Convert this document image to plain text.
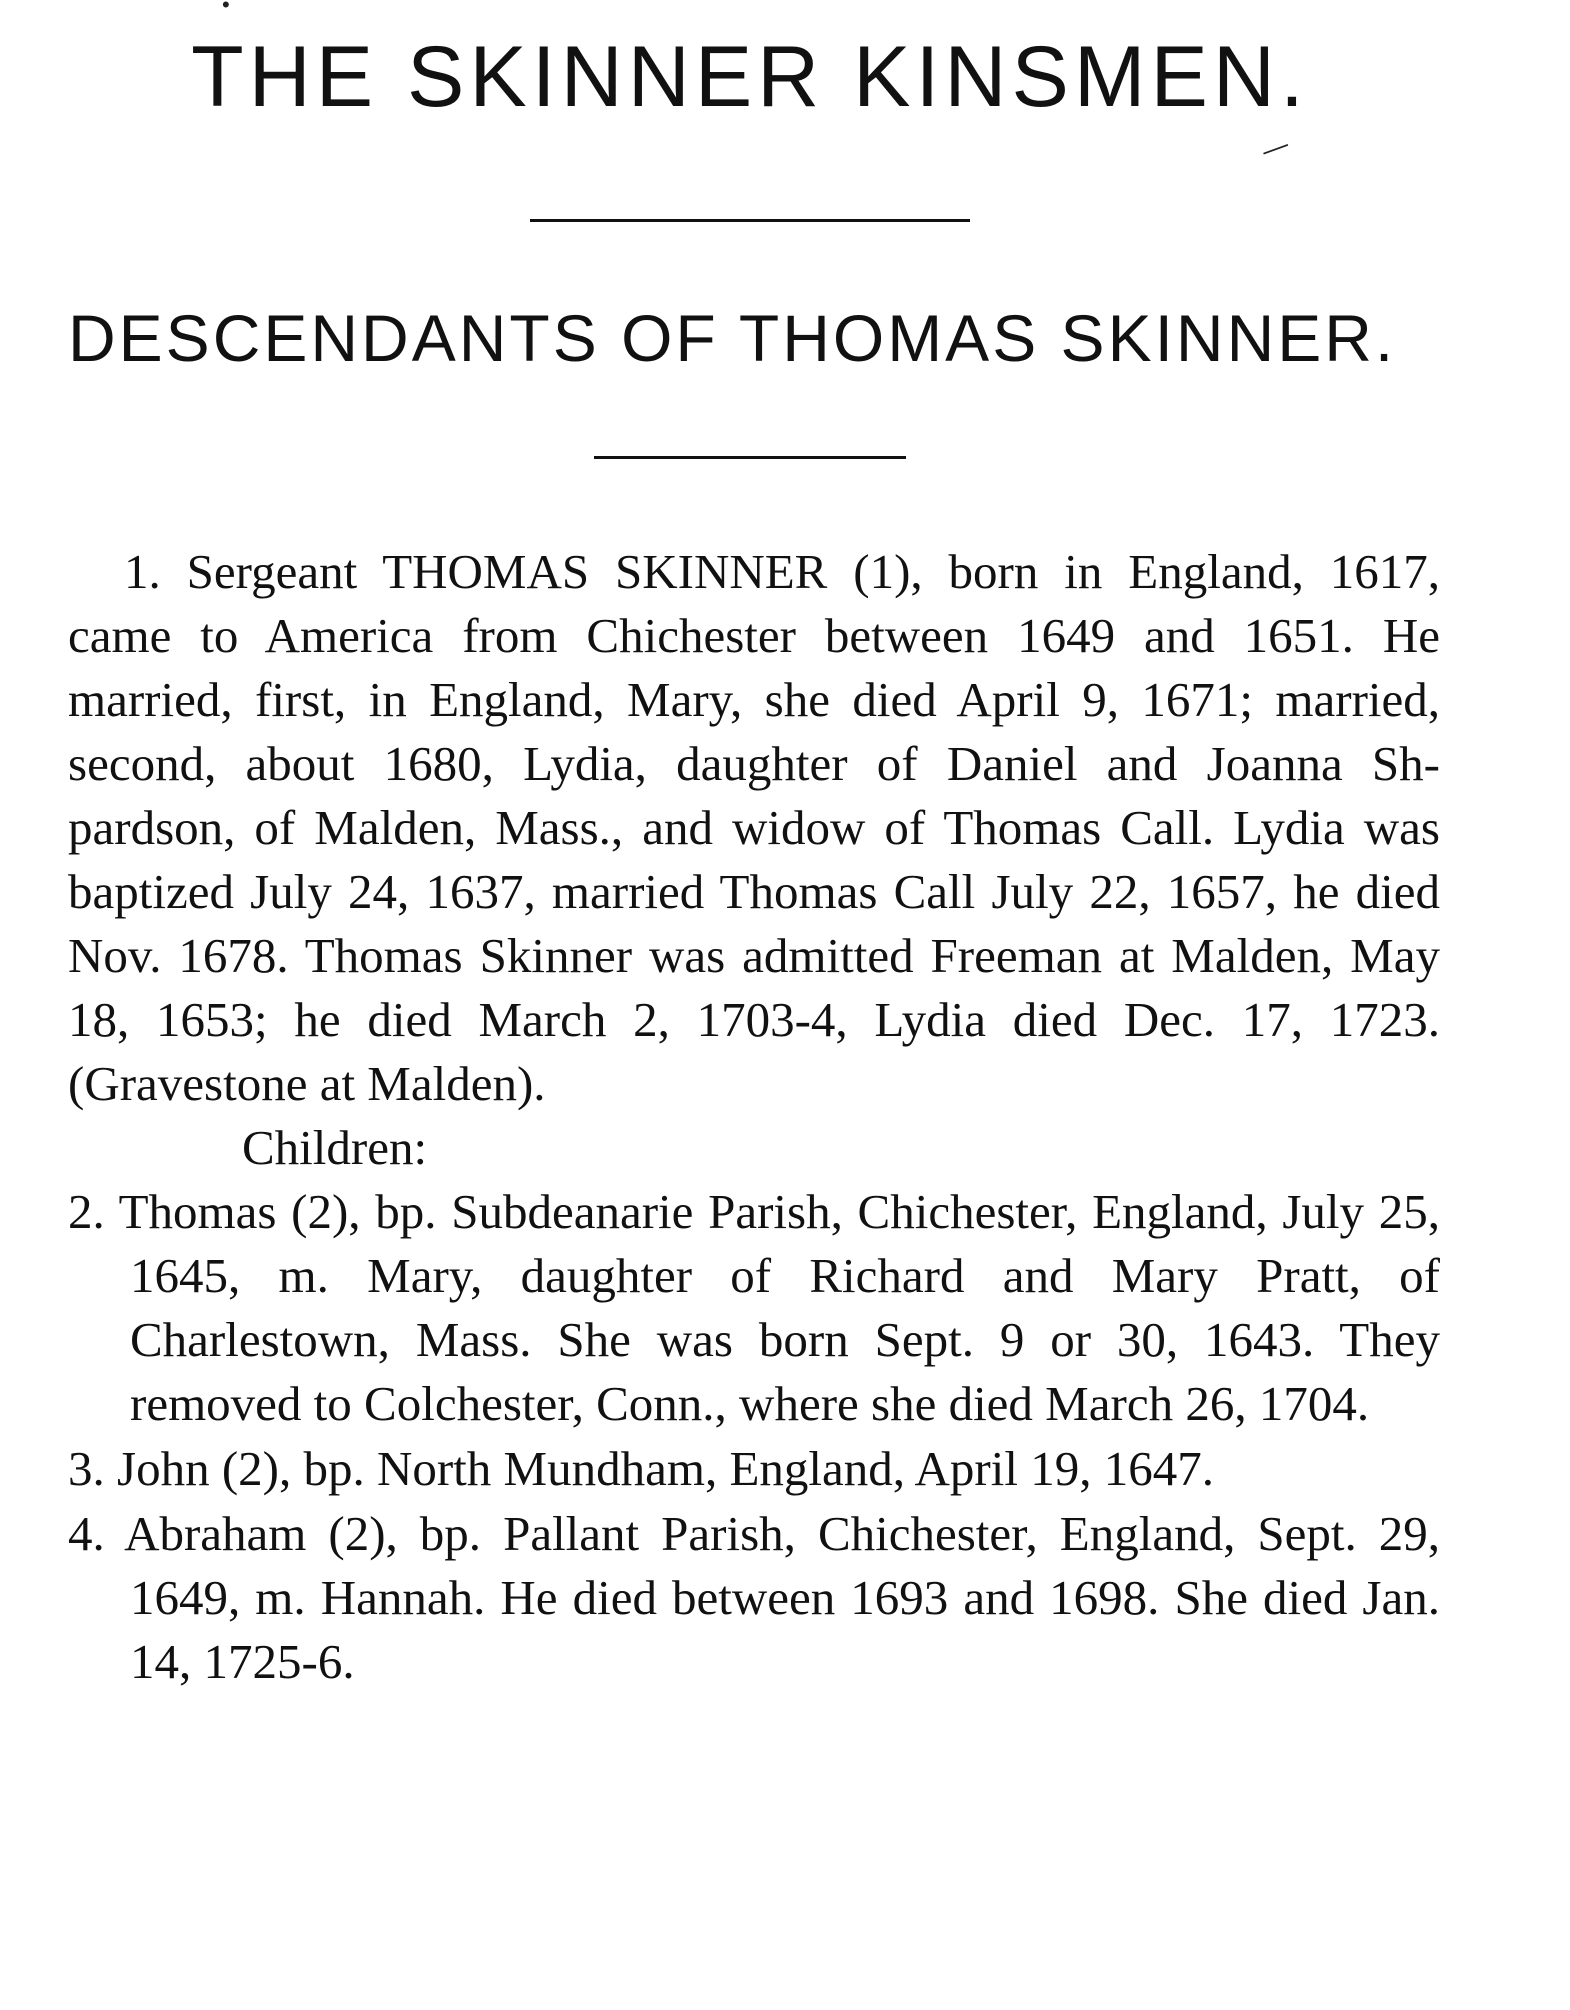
•
—
THE SKINNER KINSMEN.
DESCENDANTS OF THOMAS SKINNER.

1. Sergeant THOMAS SKINNER (1), born in England, 1617, came to America from Chichester between 1649 and 1651. He married, first, in England, Mary, she died April 9, 1671; married, second, about 1680, Lydia, daughter of Daniel and Joanna Sh-pardson, of Malden, Mass., and widow of Thomas Call. Lydia was baptized July 24, 1637, married Thomas Call July 22, 1657, he died Nov. 1678. Thomas Skinner was admitted Freeman at Malden, May 18, 1653; he died March 2, 1703-4, Lydia died Dec. 17, 1723. (Gravestone at Malden).

Children:

2. Thomas (2), bp. Subdeanarie Parish, Chichester, England, July 25, 1645, m. Mary, daughter of Richard and Mary Pratt, of Charlestown, Mass. She was born Sept. 9 or 30, 1643. They removed to Colchester, Conn., where she died March 26, 1704.

3. John (2), bp. North Mundham, England, April 19, 1647.

4. Abraham (2), bp. Pallant Parish, Chichester, England, Sept. 29, 1649, m. Hannah. He died between 1693 and 1698. She died Jan. 14, 1725-6.
